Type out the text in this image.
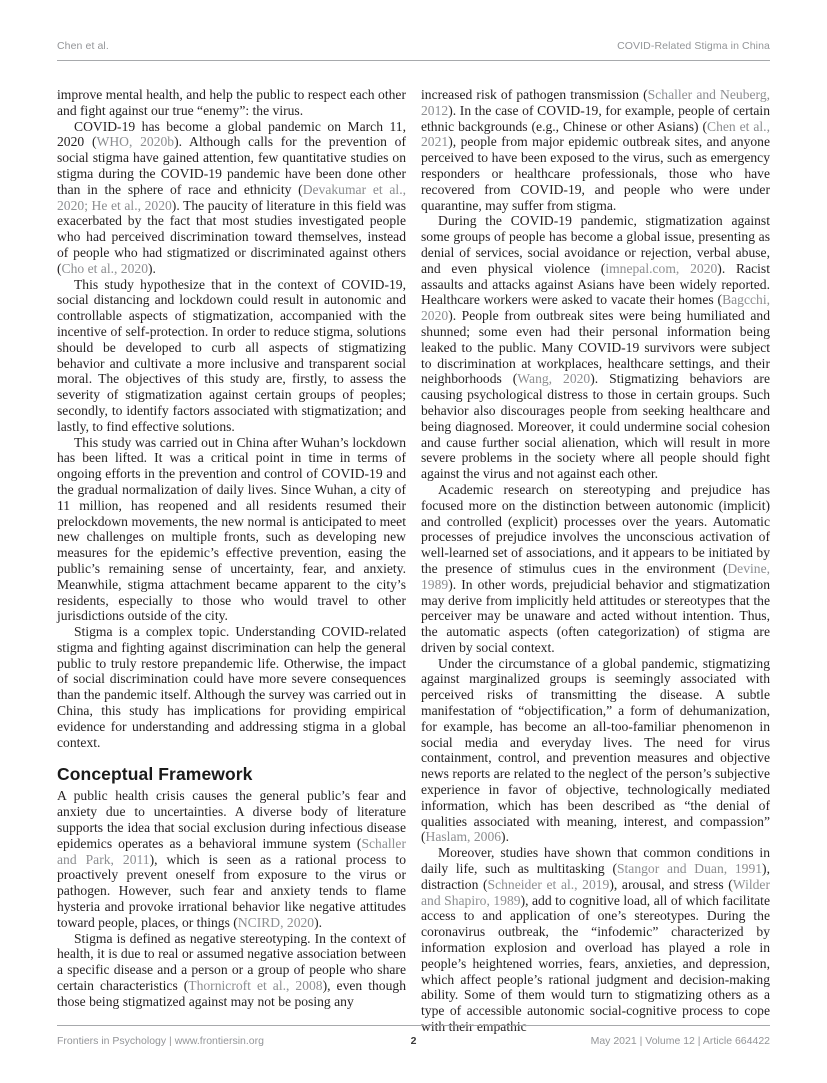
Chen et al.	COVID-Related Stigma in China

improve mental health, and help the public to respect each other and fight against our true “enemy”: the virus.

COVID-19 has become a global pandemic on March 11, 2020 (WHO, 2020b). Although calls for the prevention of social stigma have gained attention, few quantitative studies on stigma during the COVID-19 pandemic have been done other than in the sphere of race and ethnicity (Devakumar et al., 2020; He et al., 2020). The paucity of literature in this field was exacerbated by the fact that most studies investigated people who had perceived discrimination toward themselves, instead of people who had stigmatized or discriminated against others (Cho et al., 2020).

This study hypothesize that in the context of COVID-19, social distancing and lockdown could result in autonomic and controllable aspects of stigmatization, accompanied with the incentive of self-protection. In order to reduce stigma, solutions should be developed to curb all aspects of stigmatizing behavior and cultivate a more inclusive and transparent social moral. The objectives of this study are, firstly, to assess the severity of stigmatization against certain groups of peoples; secondly, to identify factors associated with stigmatization; and lastly, to find effective solutions.

This study was carried out in China after Wuhan’s lockdown has been lifted. It was a critical point in time in terms of ongoing efforts in the prevention and control of COVID-19 and the gradual normalization of daily lives. Since Wuhan, a city of 11 million, has reopened and all residents resumed their prelockdown movements, the new normal is anticipated to meet new challenges on multiple fronts, such as developing new measures for the epidemic’s effective prevention, easing the public’s remaining sense of uncertainty, fear, and anxiety. Meanwhile, stigma attachment became apparent to the city’s residents, especially to those who would travel to other jurisdictions outside of the city.

Stigma is a complex topic. Understanding COVID-related stigma and fighting against discrimination can help the general public to truly restore prepandemic life. Otherwise, the impact of social discrimination could have more severe consequences than the pandemic itself. Although the survey was carried out in China, this study has implications for providing empirical evidence for understanding and addressing stigma in a global context.

Conceptual Framework

A public health crisis causes the general public’s fear and anxiety due to uncertainties. A diverse body of literature supports the idea that social exclusion during infectious disease epidemics operates as a behavioral immune system (Schaller and Park, 2011), which is seen as a rational process to proactively prevent oneself from exposure to the virus or pathogen. However, such fear and anxiety tends to flame hysteria and provoke irrational behavior like negative attitudes toward people, places, or things (NCIRD, 2020).

Stigma is defined as negative stereotyping. In the context of health, it is due to real or assumed negative association between a specific disease and a person or a group of people who share certain characteristics (Thornicroft et al., 2008), even though those being stigmatized against may not be posing any

increased risk of pathogen transmission (Schaller and Neuberg, 2012). In the case of COVID-19, for example, people of certain ethnic backgrounds (e.g., Chinese or other Asians) (Chen et al., 2021), people from major epidemic outbreak sites, and anyone perceived to have been exposed to the virus, such as emergency responders or healthcare professionals, those who have recovered from COVID-19, and people who were under quarantine, may suffer from stigma.

During the COVID-19 pandemic, stigmatization against some groups of people has become a global issue, presenting as denial of services, social avoidance or rejection, verbal abuse, and even physical violence (imnepal.com, 2020). Racist assaults and attacks against Asians have been widely reported. Healthcare workers were asked to vacate their homes (Bagcchi, 2020). People from outbreak sites were being humiliated and shunned; some even had their personal information being leaked to the public. Many COVID-19 survivors were subject to discrimination at workplaces, healthcare settings, and their neighborhoods (Wang, 2020). Stigmatizing behaviors are causing psychological distress to those in certain groups. Such behavior also discourages people from seeking healthcare and being diagnosed. Moreover, it could undermine social cohesion and cause further social alienation, which will result in more severe problems in the society where all people should fight against the virus and not against each other.

Academic research on stereotyping and prejudice has focused more on the distinction between autonomic (implicit) and controlled (explicit) processes over the years. Automatic processes of prejudice involves the unconscious activation of well-learned set of associations, and it appears to be initiated by the presence of stimulus cues in the environment (Devine, 1989). In other words, prejudicial behavior and stigmatization may derive from implicitly held attitudes or stereotypes that the perceiver may be unaware and acted without intention. Thus, the automatic aspects (often categorization) of stigma are driven by social context.

Under the circumstance of a global pandemic, stigmatizing against marginalized groups is seemingly associated with perceived risks of transmitting the disease. A subtle manifestation of “objectification,” a form of dehumanization, for example, has become an all-too-familiar phenomenon in social media and everyday lives. The need for virus containment, control, and prevention measures and objective news reports are related to the neglect of the person’s subjective experience in favor of objective, technologically mediated information, which has been described as “the denial of qualities associated with meaning, interest, and compassion” (Haslam, 2006).

Moreover, studies have shown that common conditions in daily life, such as multitasking (Stangor and Duan, 1991), distraction (Schneider et al., 2019), arousal, and stress (Wilder and Shapiro, 1989), add to cognitive load, all of which facilitate access to and application of one’s stereotypes. During the coronavirus outbreak, the “infodemic” characterized by information explosion and overload has played a role in people’s heightened worries, fears, anxieties, and depression, which affect people’s rational judgment and decision-making ability. Some of them would turn to stigmatizing others as a type of accessible autonomic social-cognitive process to cope with their empathic

Frontiers in Psychology | www.frontiersin.org	2	May 2021 | Volume 12 | Article 664422
